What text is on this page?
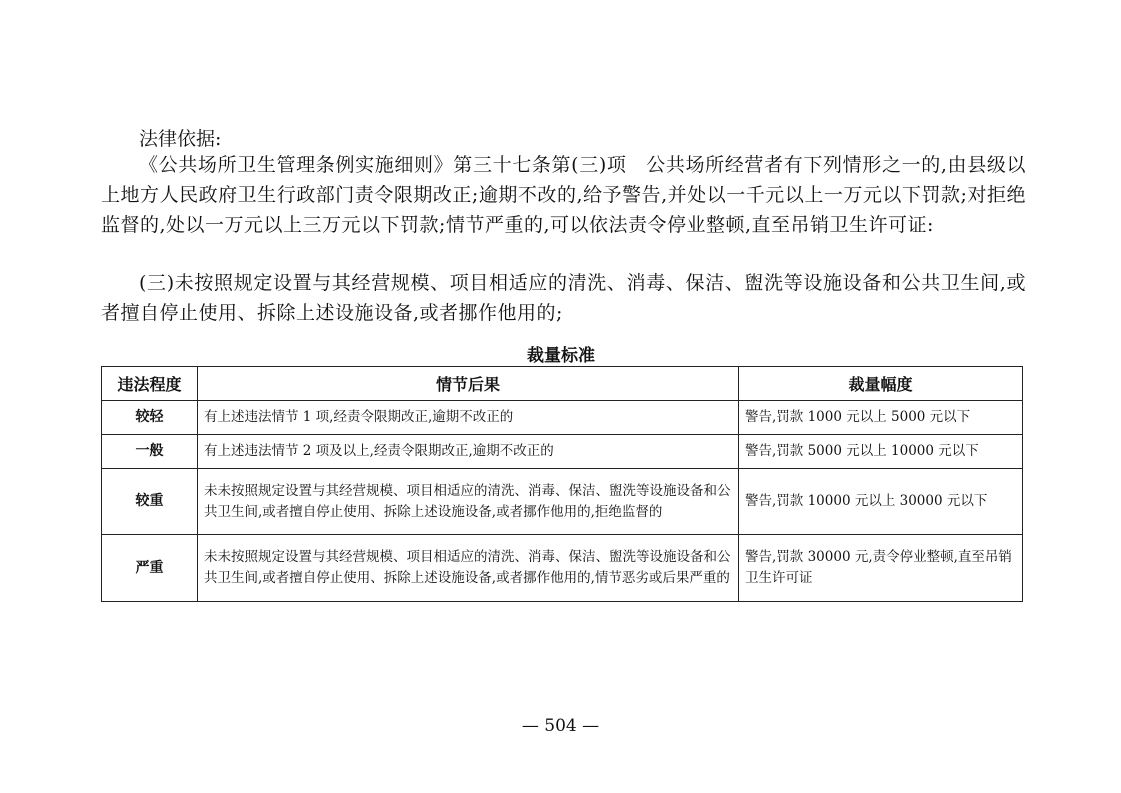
法律依据:
《公共场所卫生管理条例实施细则》第三十七条第(三)项　公共场所经营者有下列情形之一的,由县级以上地方人民政府卫生行政部门责令限期改正;逾期不改的,给予警告,并处以一千元以上一万元以下罚款;对拒绝监督的,处以一万元以上三万元以下罚款;情节严重的,可以依法责令停业整顿,直至吊销卫生许可证:
(三)未按照规定设置与其经营规模、项目相适应的清洗、消毒、保洁、盥洗等设施设备和公共卫生间,或者擅自停止使用、拆除上述设施设备,或者挪作他用的;
裁量标准
违法程度	情节后果	裁量幅度
较轻	有上述违法情节 1 项,经责令限期改正,逾期不改正的	警告,罚款 1000 元以上 5000 元以下
一般	有上述违法情节 2 项及以上,经责令限期改正,逾期不改正的	警告,罚款 5000 元以上 10000 元以下
较重	未未按照规定设置与其经营规模、项目相适应的清洗、消毒、保洁、盥洗等设施设备和公共卫生间,或者擅自停止使用、拆除上述设施设备,或者挪作他用的,拒绝监督的	警告,罚款 10000 元以上 30000 元以下
严重	未未按照规定设置与其经营规模、项目相适应的清洗、消毒、保洁、盥洗等设施设备和公共卫生间,或者擅自停止使用、拆除上述设施设备,或者挪作他用的,情节恶劣或后果严重的	警告,罚款 30000 元,责令停业整顿,直至吊销卫生许可证
— 504 —
